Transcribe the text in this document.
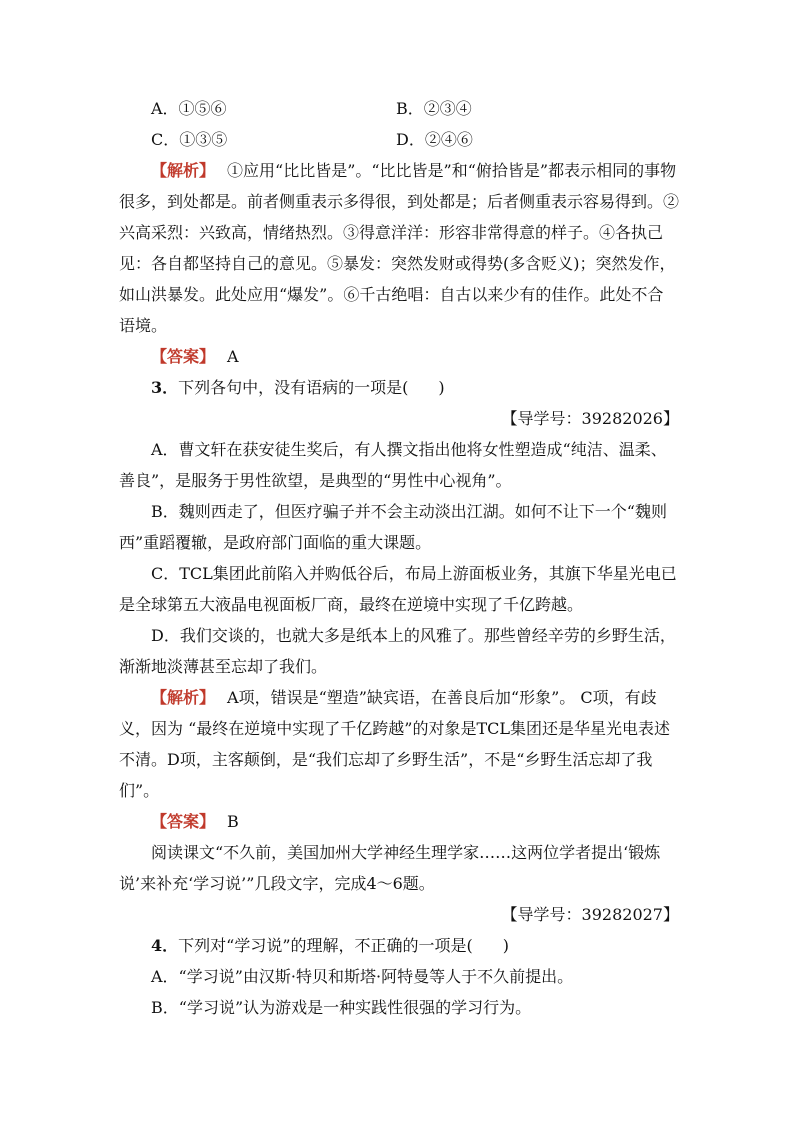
A．①⑤⑥	B．②③④
C．①③⑤	D．②④⑥

【解析】 ①应用“比比皆是”。“比比皆是”和“俯拾皆是”都表示相同的事物很多，到处都是。前者侧重表示多得很，到处都是；后者侧重表示容易得到。②兴高采烈：兴致高，情绪热烈。③得意洋洋：形容非常得意的样子。④各执己见：各自都坚持自己的意见。⑤暴发：突然发财或得势(多含贬义)；突然发作，如山洪暴发。此处应用“爆发”。⑥千古绝唱：自古以来少有的佳作。此处不合语境。

【答案】 A

3．下列各句中，没有语病的一项是( )

【导学号：39282026】

A．曹文轩在获安徒生奖后，有人撰文指出他将女性塑造成“纯洁、温柔、善良”，是服务于男性欲望，是典型的“男性中心视角”。

B．魏则西走了，但医疗骗子并不会主动淡出江湖。如何不让下一个“魏则西”重蹈覆辙，是政府部门面临的重大课题。

C．TCL集团此前陷入并购低谷后，布局上游面板业务，其旗下华星光电已是全球第五大液晶电视面板厂商，最终在逆境中实现了千亿跨越。

D．我们交谈的，也就大多是纸本上的风雅了。那些曾经辛劳的乡野生活，渐渐地淡薄甚至忘却了我们。

【解析】 A项，错误是“塑造”缺宾语，在善良后加“形象”。 C项，有歧义，因为 “最终在逆境中实现了千亿跨越”的对象是TCL集团还是华星光电表述不清。D项，主客颠倒，是“我们忘却了乡野生活”，不是“乡野生活忘却了我们”。

【答案】 B

阅读课文“不久前，美国加州大学神经生理学家……这两位学者提出‘锻炼说’来补充‘学习说’”几段文字，完成4～6题。

【导学号：39282027】

4．下列对“学习说”的理解，不正确的一项是( )

A．“学习说”由汉斯·特贝和斯塔·阿特曼等人于不久前提出。

B．“学习说”认为游戏是一种实践性很强的学习行为。
